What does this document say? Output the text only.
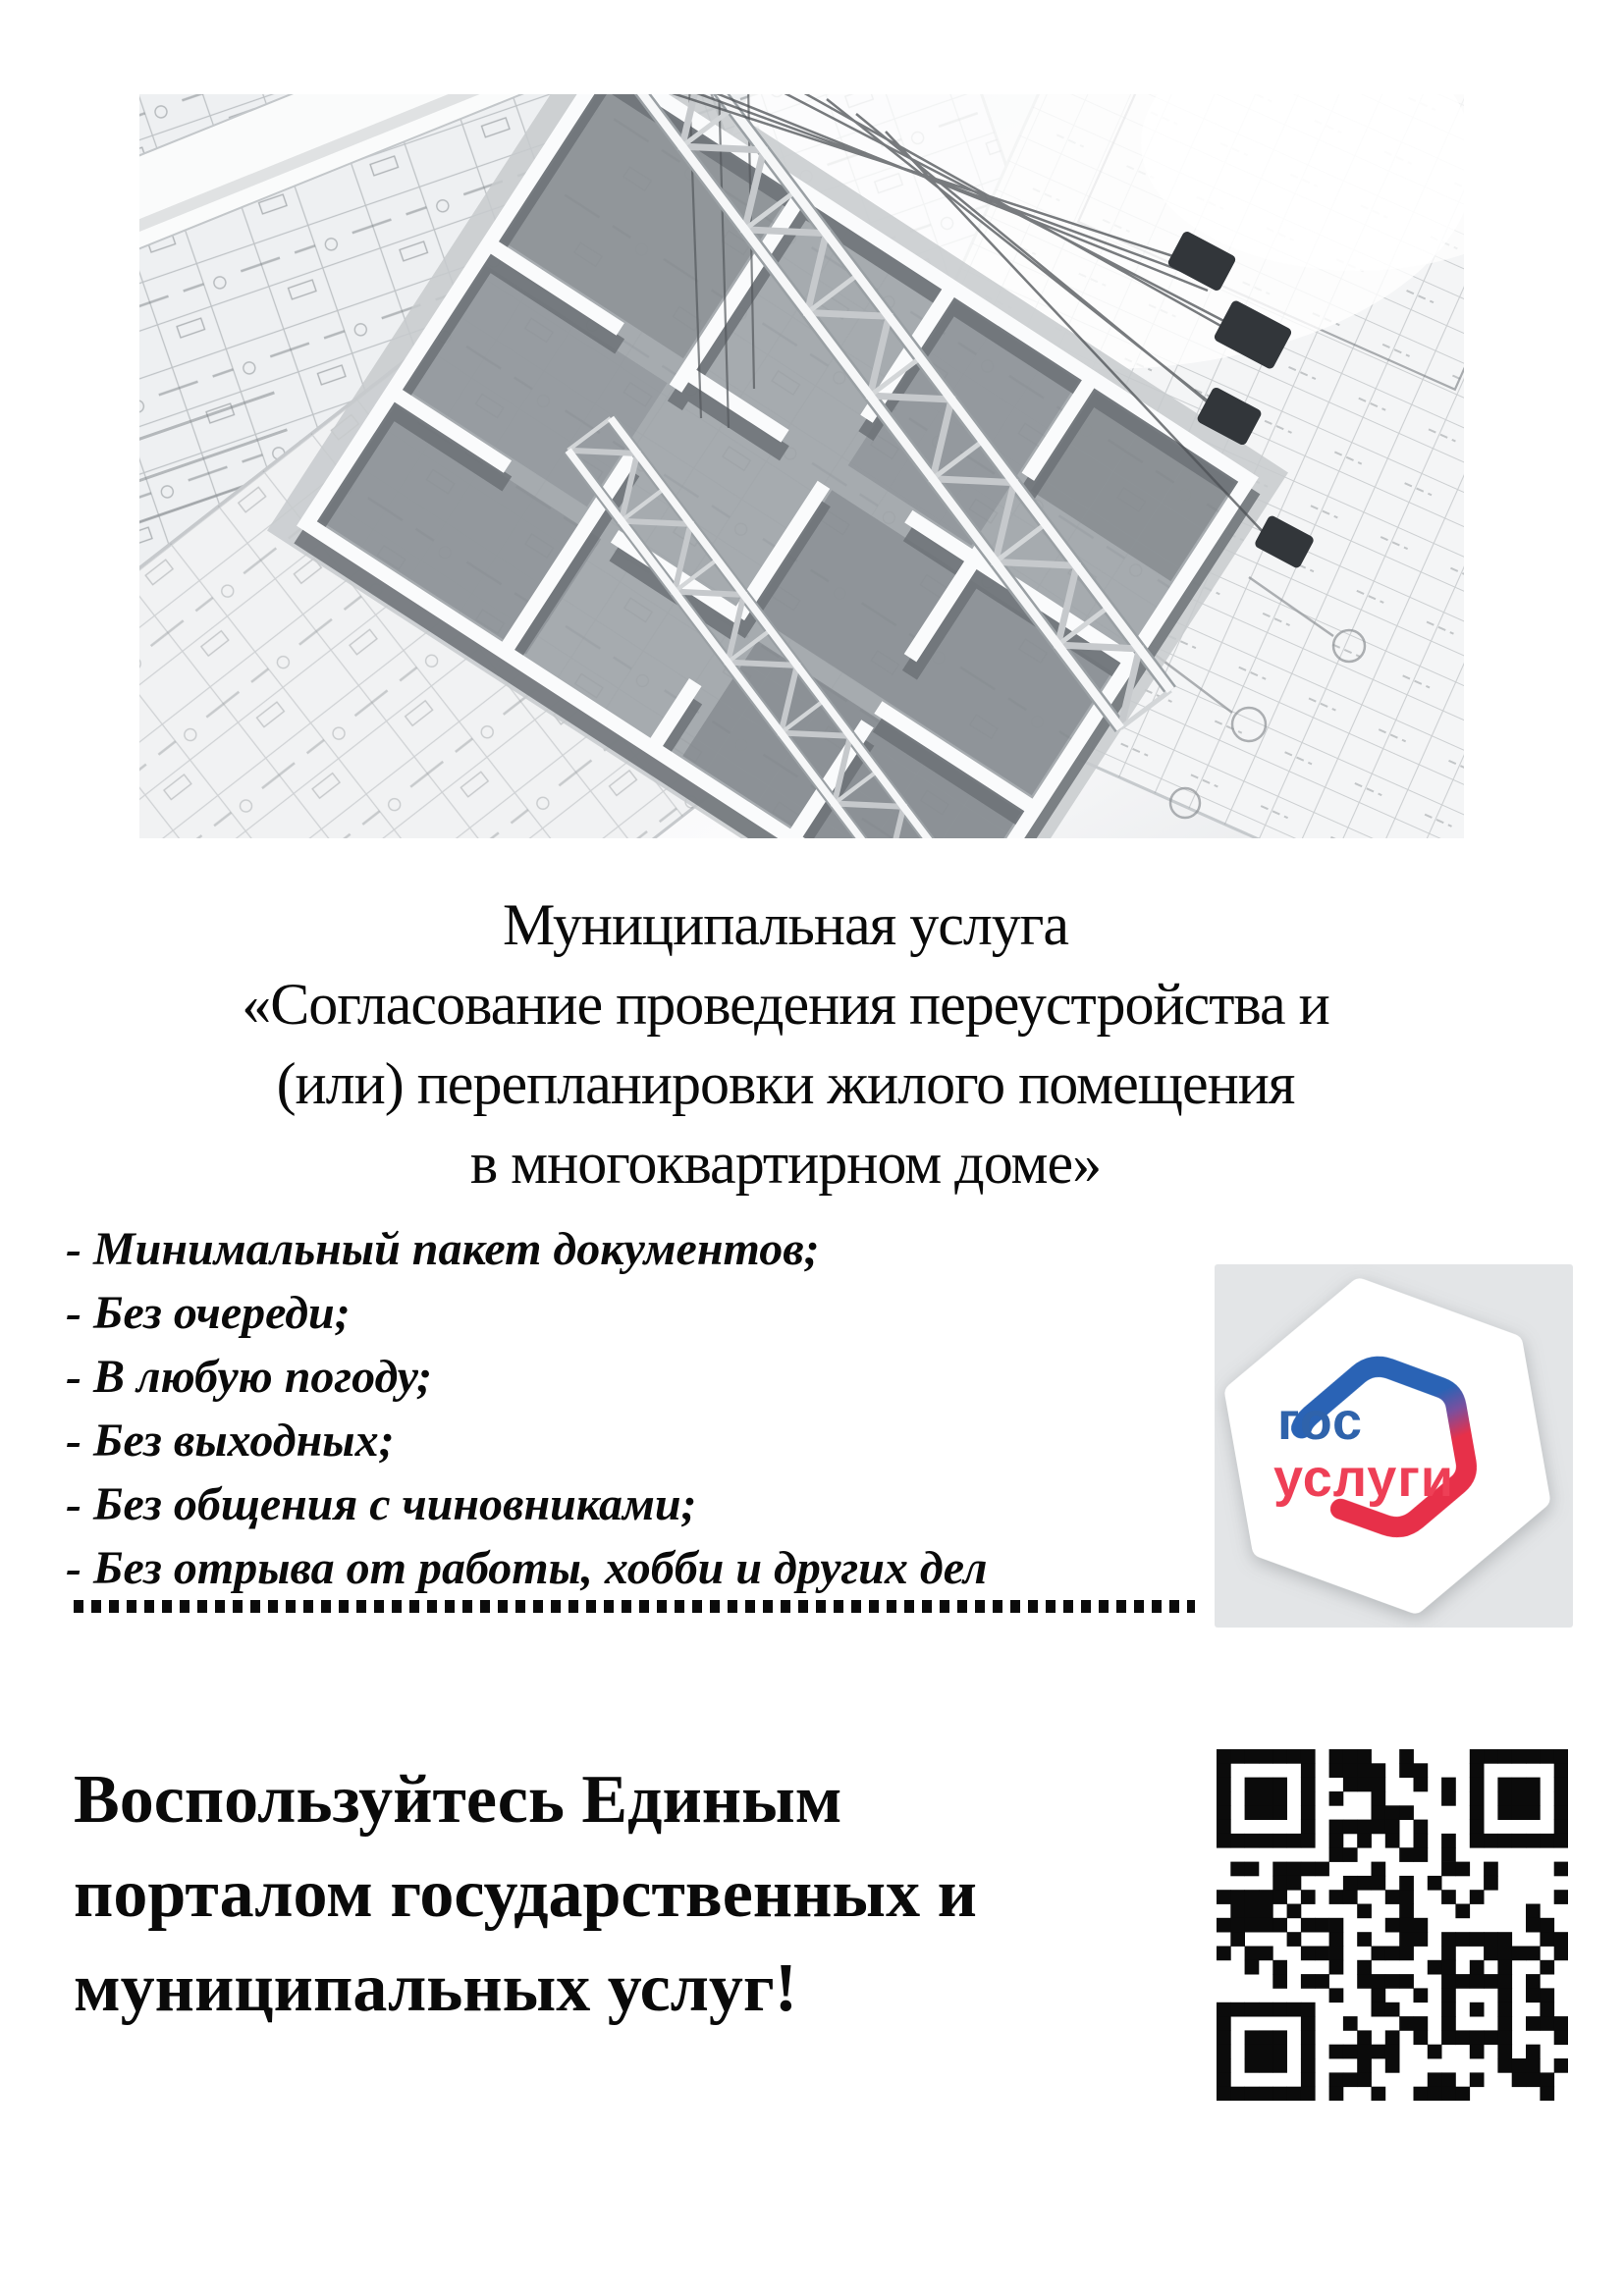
Муниципальная услуга
«Согласование проведения переустройства и
(или) перепланировки жилого помещения
в многоквартирном доме»
- Минимальный пакет документов;
- Без очереди;
- В любую погоду;
- Без выходных;
- Без общения с чиновниками;
- Без отрыва от работы, хобби и других дел
гос
услуги
Воспользуйтесь Единым
порталом государственных и
муниципальных услуг!
